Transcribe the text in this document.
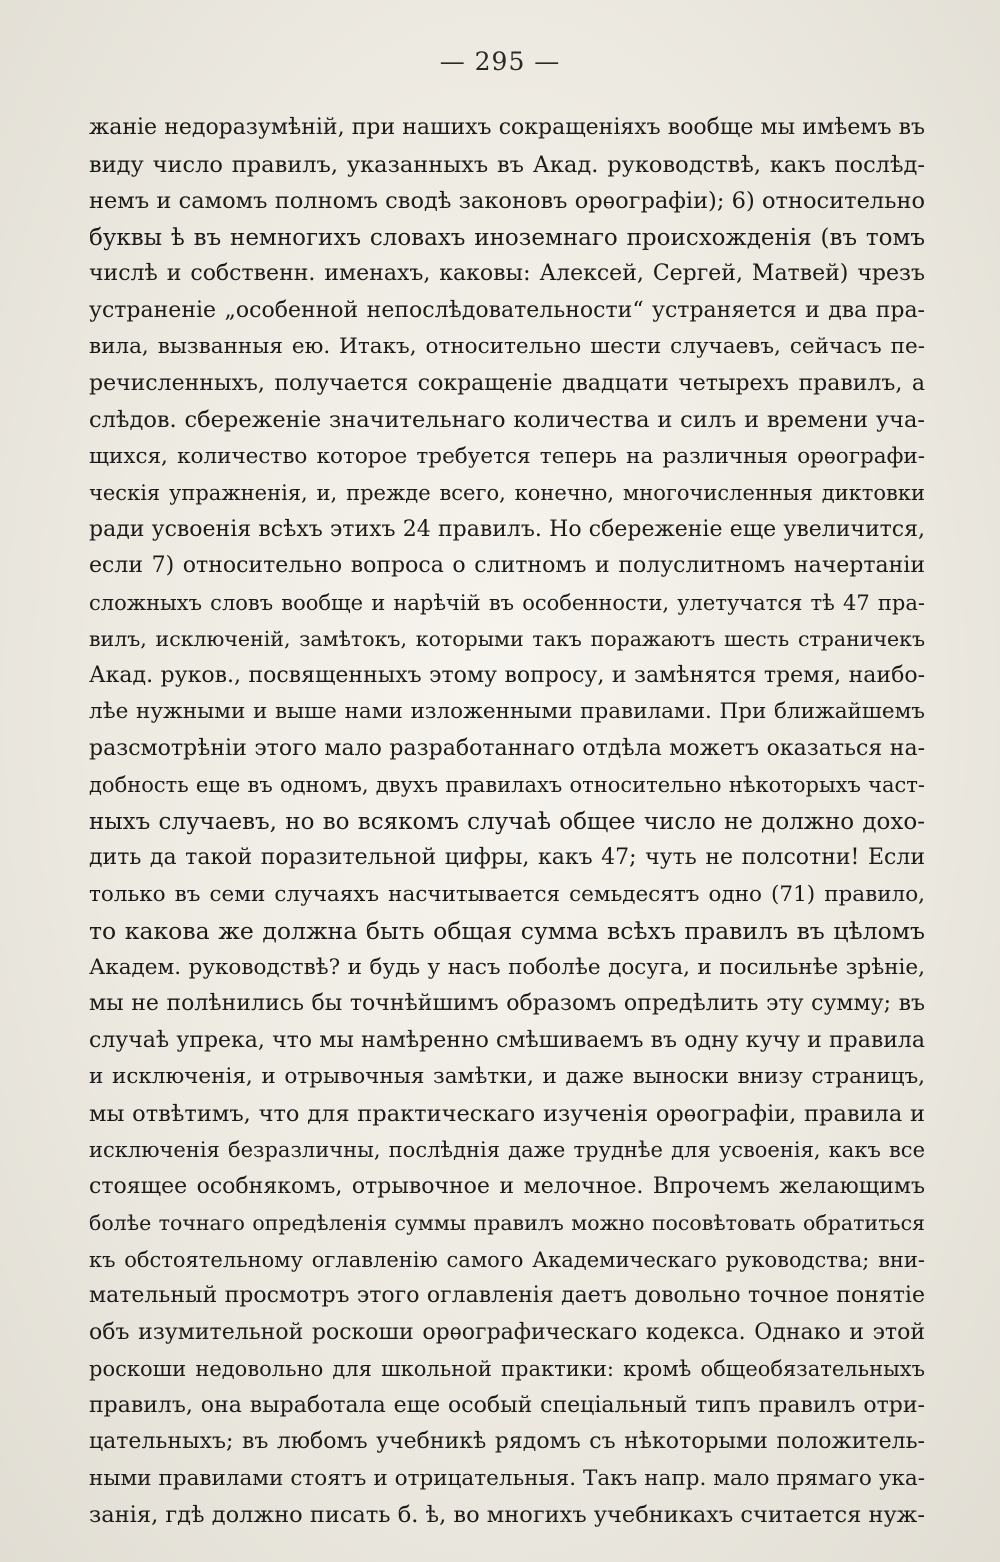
— 295 —
жаніе недоразумѣній, при нашихъ сокращеніяхъ вообще мы имѣемъ въ
виду число правилъ, указанныхъ въ Акад. руководствѣ, какъ послѣд-
немъ и самомъ полномъ сводѣ законовъ орѳографіи); 6) относительно
буквы ѣ въ немногихъ словахъ иноземнаго происхожденія (въ томъ
числѣ и собственн. именахъ, каковы: Алексей, Сергей, Матвей) чрезъ
устраненіе „особенной непослѣдовательности“ устраняется и два пра-
вила, вызванныя ею. Итакъ, относительно шести случаевъ, сейчасъ пе-
речисленныхъ, получается сокращеніе двадцати четырехъ правилъ, а
слѣдов. сбереженіе значительнаго количества и силъ и времени уча-
щихся, количество которое требуется теперь на различныя орѳографи-
ческія упражненія, и, прежде всего, конечно, многочисленныя диктовки
ради усвоенія всѣхъ этихъ 24 правилъ. Но сбереженіе еще увеличится,
если 7) относительно вопроса о слитномъ и полуслитномъ начертаніи
сложныхъ словъ вообще и нарѣчій въ особенности, улетучатся тѣ 47 пра-
вилъ, исключеній, замѣтокъ, которыми такъ поражаютъ шесть страничекъ
Акад. руков., посвященныхъ этому вопросу, и замѣнятся тремя, наибо-
лѣе нужными и выше нами изложенными правилами. При ближайшемъ
разсмотрѣніи этого мало разработаннаго отдѣла можетъ оказаться на-
добность еще въ одномъ, двухъ правилахъ относительно нѣкоторыхъ част-
ныхъ случаевъ, но во всякомъ случаѣ общее число не должно дохо-
дить да такой поразительной цифры, какъ 47; чуть не полсотни! Если
только въ семи случаяхъ насчитывается семьдесятъ одно (71) правило,
то какова же должна быть общая сумма всѣхъ правилъ въ цѣломъ
Академ. руководствѣ? и будь у насъ поболѣе досуга, и посильнѣе зрѣніе,
мы не полѣнились бы точнѣйшимъ образомъ опредѣлить эту сумму; въ
случаѣ упрека, что мы намѣренно смѣшиваемъ въ одну кучу и правила
и исключенія, и отрывочныя замѣтки, и даже выноски внизу страницъ,
мы отвѣтимъ, что для практическаго изученія орѳографіи, правила и
исключенія безразличны, послѣднія даже труднѣе для усвоенія, какъ все
стоящее особнякомъ, отрывочное и мелочное. Впрочемъ желающимъ
болѣе точнаго опредѣленія суммы правилъ можно посовѣтовать обратиться
къ обстоятельному оглавленію самого Академическаго руководства; вни-
мательный просмотръ этого оглавленія даетъ довольно точное понятіе
объ изумительной роскоши орѳографическаго кодекса. Однако и этой
роскоши недовольно для школьной практики: кромѣ общеобязательныхъ
правилъ, она выработала еще особый спеціальный типъ правилъ отри-
цательныхъ; въ любомъ учебникѣ рядомъ съ нѣкоторыми положитель-
ными правилами стоятъ и отрицательныя. Такъ напр. мало прямаго ука-
занія, гдѣ должно писать б. ѣ, во многихъ учебникахъ считается нуж-
